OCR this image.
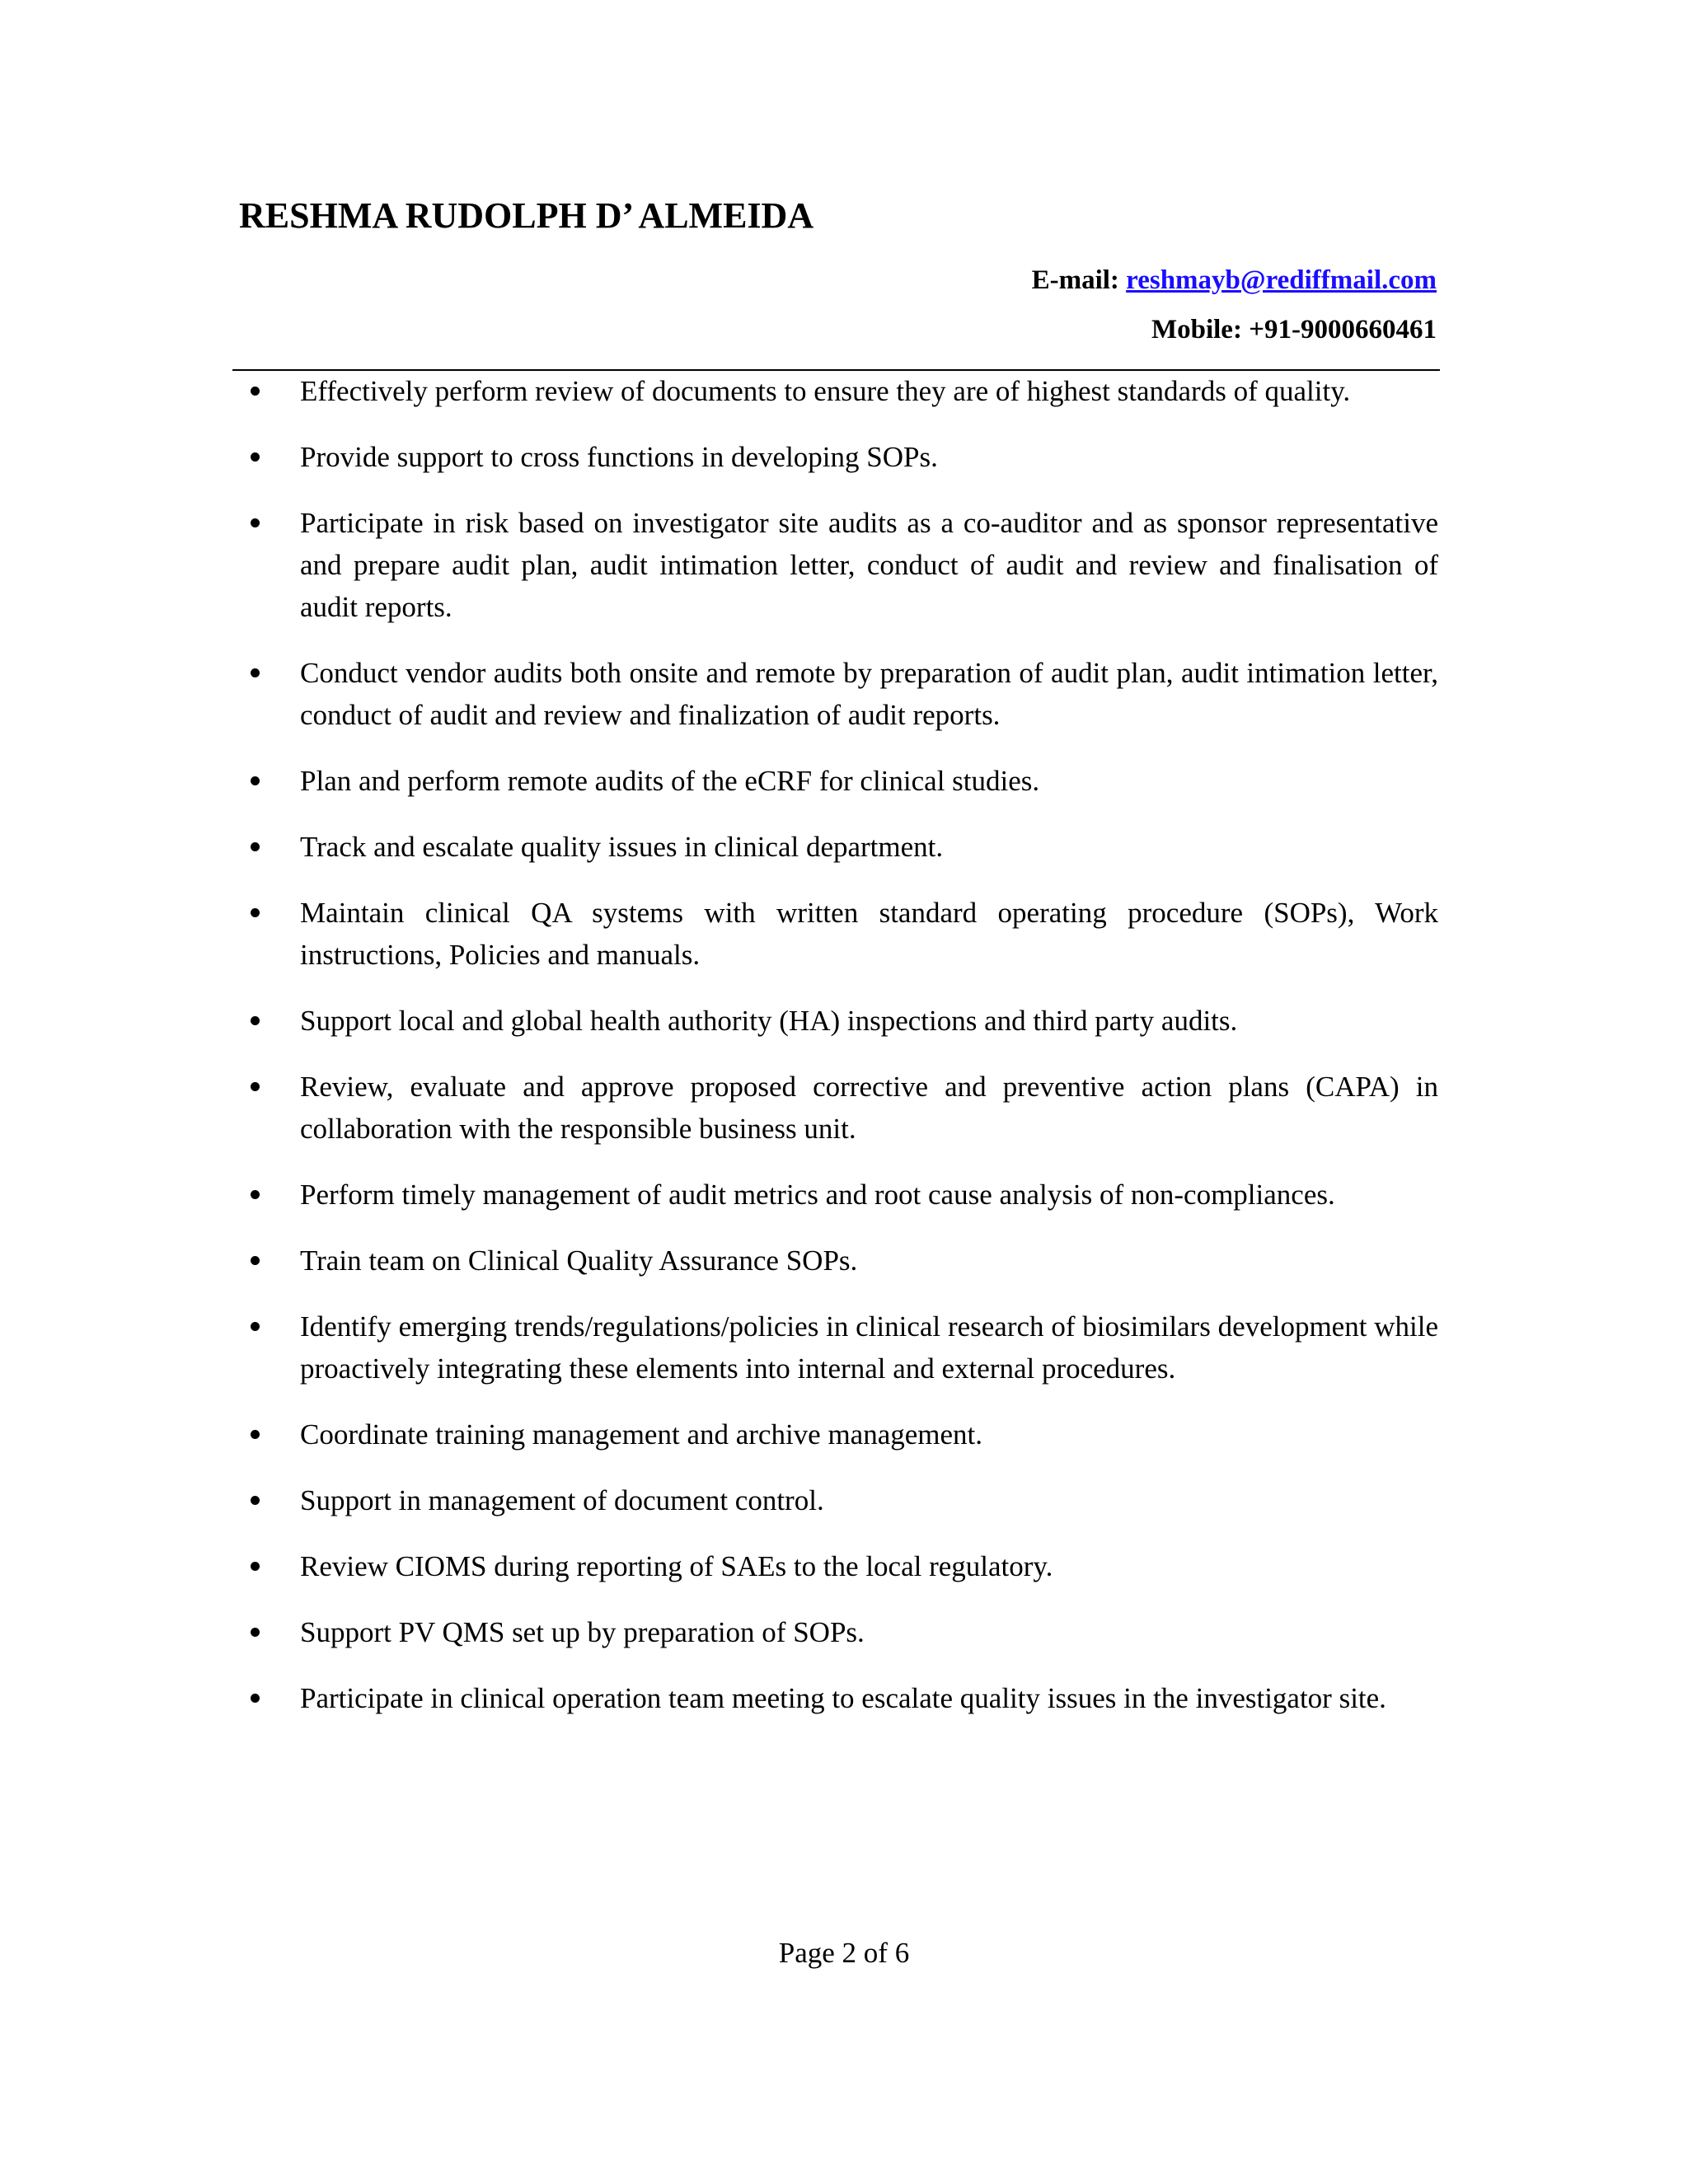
RESHMA RUDOLPH D’ ALMEIDA
E-mail: reshmayb@rediffmail.com
Mobile: +91-9000660461
Effectively perform review of documents to ensure they are of highest standards of quality.
Provide support to cross functions in developing SOPs.
Participate in risk based on investigator site audits as a co-auditor and as sponsor representative and prepare audit plan, audit intimation letter, conduct of audit and review and finalisation of audit reports.
Conduct vendor audits both onsite and remote by preparation of audit plan, audit intimation letter, conduct of audit and review and finalization of audit reports.
Plan and perform remote audits of the eCRF for clinical studies.
Track and escalate quality issues in clinical department.
Maintain clinical QA systems with written standard operating procedure (SOPs), Work instructions, Policies and manuals.
Support local and global health authority (HA) inspections and third party audits.
Review, evaluate and approve proposed corrective and preventive action plans (CAPA) in collaboration with the responsible business unit.
Perform timely management of audit metrics and root cause analysis of non-compliances.
Train team on Clinical Quality Assurance SOPs.
Identify emerging trends/regulations/policies in clinical research of biosimilars development while proactively integrating these elements into internal and external procedures.
Coordinate training management and archive management.
Support in management of document control.
Review CIOMS during reporting of SAEs to the local regulatory.
Support PV QMS set up by preparation of SOPs.
Participate in clinical operation team meeting to escalate quality issues in the investigator site.
Page 2 of 6
